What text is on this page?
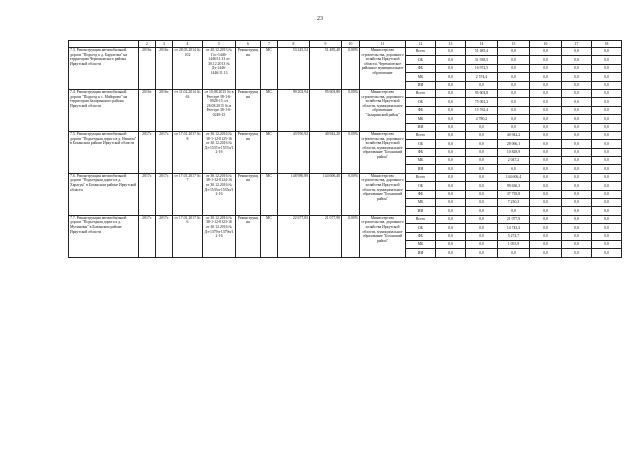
23
	2	3	4	5	6	7	8	9	10	11	12	13	14	15	16	17	18
7.3. Реконструкция автомобильной дороги "Подъезд к д. Баруатова" на территории Черемховского района Иркутской области	2016г.	2016г.	от 28.03.2014 № 102	от 20.12.2013 № Гос-1446-1446/11.13 от 30.12.2013 № Дз-1446-1446/11.13	Реконструкция	МС	53 245,54	51 485,40	0,00%	Министерство строительства, дорожного хозяйства Иркутской области, Черемховское районное муниципальное образование	Всего	0,0	51 485,4	0,0	0,0	0,0	0,0
											ОБ	0,0	31 938,5	0,0	0,0	0,0	0,0
											ФБ	0,0	16 972,5	0,0	0,0	0,0	0,0
											МБ	0,0	2 574,4	0,0	0,0	0,0	0,0
											ИИ	0,0	0,0	0,0	0,0	0,0	0,0
7.4. Реконструкция автомобильной дороги "Подъезд к с. Майорово" на территории Заларинского района Иркутской области	2016г.	2016г.	от 11.02.2014 № 63	от 10.08.2015 № в Реестре 38-1-6-0028-15, от 26.08.2015 № в Реестре 38-1-6-0249-15	Реконструкция	МС	99 202,94	95 603,80	0,00%	Министерство строительства, дорожного хозяйства Иркутской области, муниципальное образование "Заларинский район"	Всего	0,0	95 603,8	0,0	0,0	0,0	0,0
											ОБ	0,0	75 061,2	0,0	0,0	0,0	0,0
											ФБ	0,0	15 762,4	0,0	0,0	0,0	0,0
											МБ	0,0	4 780,2	0,0	0,0	0,0	0,0
											ИИ	0,0	0,0	0,0	0,0	0,0	0,0
7.5. Реконструкция автомобильной дороги "Подъездная дорога в д. Нишата" в Боханском районе Иркутской области	2017г.	2017г.	от 17.01.2017 № 8	от 30.12.2016 № 38-1-12-0125-16 от 30.12.2016 № Дз-1537п-1537п/12-16	Реконструкция	МС	43 950,92	40 942,20	0,00%	Министерство строительства, дорожного хозяйства Иркутской области, муниципальное образование "Боханский район"	Всего	0,0	0,0	40 942,2	0,0	0,0	0,0
											ОБ	0,0	0,0	28 066,1	0,0	0,0	0,0
											ФБ	0,0	0,0	10 828,9	0,0	0,0	0,0
											МБ	0,0	0,0	2 047,2	0,0	0,0	0,0
											ИИ	0,0	0,0	0,0	0,0	0,0	0,0
7.6. Реконструкция автомобильной дороги "Подъездная дорога в д. Харагун" в Боханском районе Иркутской области	2017г.	2017г.	от 17.01.2017 № 7	от 30.12.2016 № 38-1-12-0124-16 от 30.12.2016 № Дз-1535п-1535п/12-16	Реконструкция	МС	148 980,89	144 606,40	0,00%	Министерство строительства, дорожного хозяйства Иркутской области, муниципальное образование "Боханский район"	Всего	0,0	0,0	144 606,4	0,0	0,0	0,0
											ОБ	0,0	0,0	99 636,3	0,0	0,0	0,0
											ФБ	0,0	0,0	37 739,8	0,0	0,0	0,0
											МБ	0,0	0,0	7 230,3	0,0	0,0	0,0
											ИИ	0,0	0,0	0,0	0,0	0,0	0,0
7.7. Реконструкция автомобильной дороги "Подъездная дорога к д. Мутиновы" в Боханском районе Иркутской области	2017г.	2017г.	от 17.01.2017 № 6	от 30.12.2016 № 38-1-12-0123-16 от 30.12.2016 № Дз-1379п-1379п/12-16	Реконструкция	МС	22 677,83	21 077,90	0,00%	Министерство строительства, дорожного хозяйства Иркутской области, муниципальное образование "Боханский район"	Всего	0,0	0,0	21 077,9	0,0	0,0	0,0
											ОБ	0,0	0,0	14 743,3	0,0	0,0	0,0
											ФБ	0,0	0,0	5 274,7	0,0	0,0	0,0
											МБ	0,0	0,0	1 053,9	0,0	0,0	0,0
											ИИ	0,0	0,0	0,0	0,0	0,0	0,0
